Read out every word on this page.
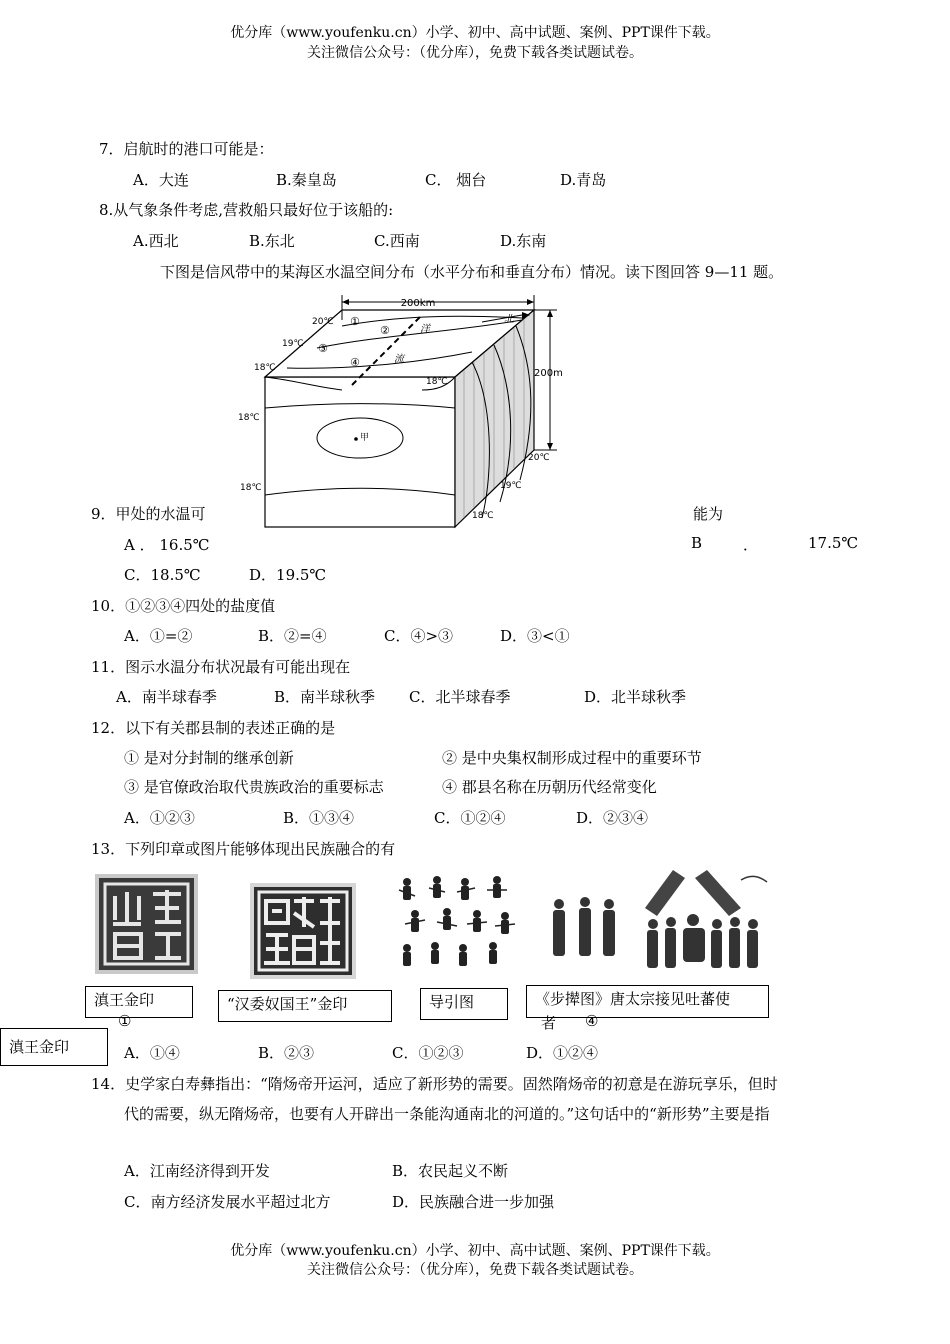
优分库（www.youfenku.cn）小学、初中、高中试题、案例、PPT课件下载。
关注微信公众号：（优分库），免费下载各类试题试卷。
7．启航时的港口可能是：
A．大连	B.秦皇岛	C． 烟台	D.青岛
8.从气象条件考虑,营救船只最好位于该船的:
A.西北	B.东北	C.西南	D.东南
下图是信风带中的某海区水温空间分布（水平分布和垂直分布）情况。读下图回答 9—11 题。
200km
200m
20℃
19℃
18℃
18℃
18℃
18℃
20℃
19℃
18℃
①
②
③
④
洋
流
北
甲
9．甲处的水温可	能为
A ． 16.5℃	B	．	17.5℃
C．18.5℃	D．19.5℃
10．①②③④四处的盐度值
A．①=②	B．②=④	C．④>③	D．③<①
11．图示水温分布状况最有可能出现在
A．南半球春季	B．南半球秋季 C．北半球春季	D．北半球秋季
12．以下有关郡县制的表述正确的是
① 是对分封制的继承创新	② 是中央集权制形成过程中的重要环节
③ 是官僚政治取代贵族政治的重要标志	④ 郡县名称在历朝历代经常变化
A．①②③	B．①③④	C．①②④	D．②③④
13．下列印章或图片能够体现出民族融合的有
滇王金印	“汉委奴国王”金印	导引图	《步撵图》唐太宗接见吐蕃使
①	者 ④
滇王金印	A．①④	B．②③	C．①②③	D．①②④
14．史学家白寿彝指出：“隋炀帝开运河，适应了新形势的需要。固然隋炀帝的初意是在游玩享乐，但时
代的需要，纵无隋炀帝，也要有人开辟出一条能沟通南北的河道的。”这句话中的“新形势”主要是指
A．江南经济得到开发	B．农民起义不断
C．南方经济发展水平超过北方	D．民族融合进一步加强
优分库（www.youfenku.cn）小学、初中、高中试题、案例、PPT课件下载。
关注微信公众号：（优分库），免费下载各类试题试卷。
